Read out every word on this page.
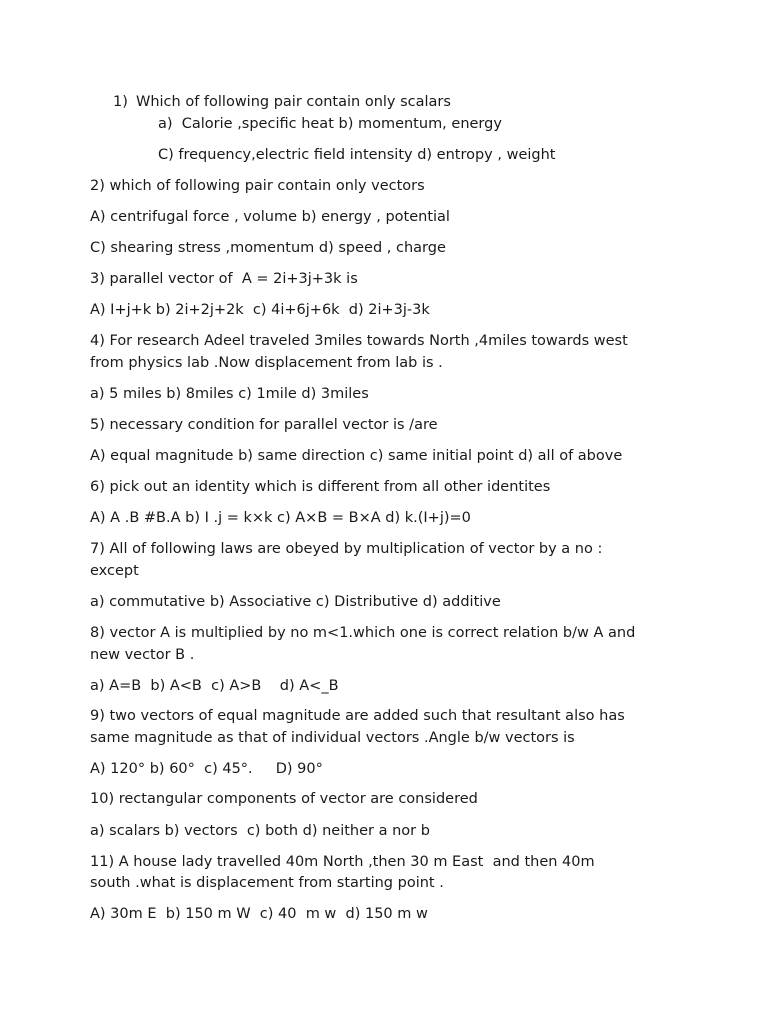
1) Which of following pair contain only scalars
a)  Calorie ,specific heat b) momentum, energy
C) frequency,electric field intensity d) entropy , weight
2) which of following pair contain only vectors
A) centrifugal force , volume b) energy , potential
C) shearing stress ,momentum d) speed , charge
3) parallel vector of  A = 2i+3j+3k is
A) I+j+k b) 2i+2j+2k  c) 4i+6j+6k  d) 2i+3j-3k
4) For research Adeel traveled 3miles towards North ,4miles towards west
from physics lab .Now displacement from lab is .
a) 5 miles b) 8miles c) 1mile d) 3miles
5) necessary condition for parallel vector is /are
A) equal magnitude b) same direction c) same initial point d) all of above
6) pick out an identity which is different from all other identites
A) A .B #B.A b) I .j = k×k c) A×B = B×A d) k.(I+j)=0
7) All of following laws are obeyed by multiplication of vector by a no :
except
a) commutative b) Associative c) Distributive d) additive
8) vector A is multiplied by no m<1.which one is correct relation b/w A and
new vector B .
a) A=B  b) A<B  c) A>B    d) A<_B
9) two vectors of equal magnitude are added such that resultant also has
same magnitude as that of individual vectors .Angle b/w vectors is
A) 120° b) 60°  c) 45°.     D) 90°
10) rectangular components of vector are considered
a) scalars b) vectors  c) both d) neither a nor b
11) A house lady travelled 40m North ,then 30 m East  and then 40m
south .what is displacement from starting point .
A) 30m E  b) 150 m W  c) 40  m w  d) 150 m w
